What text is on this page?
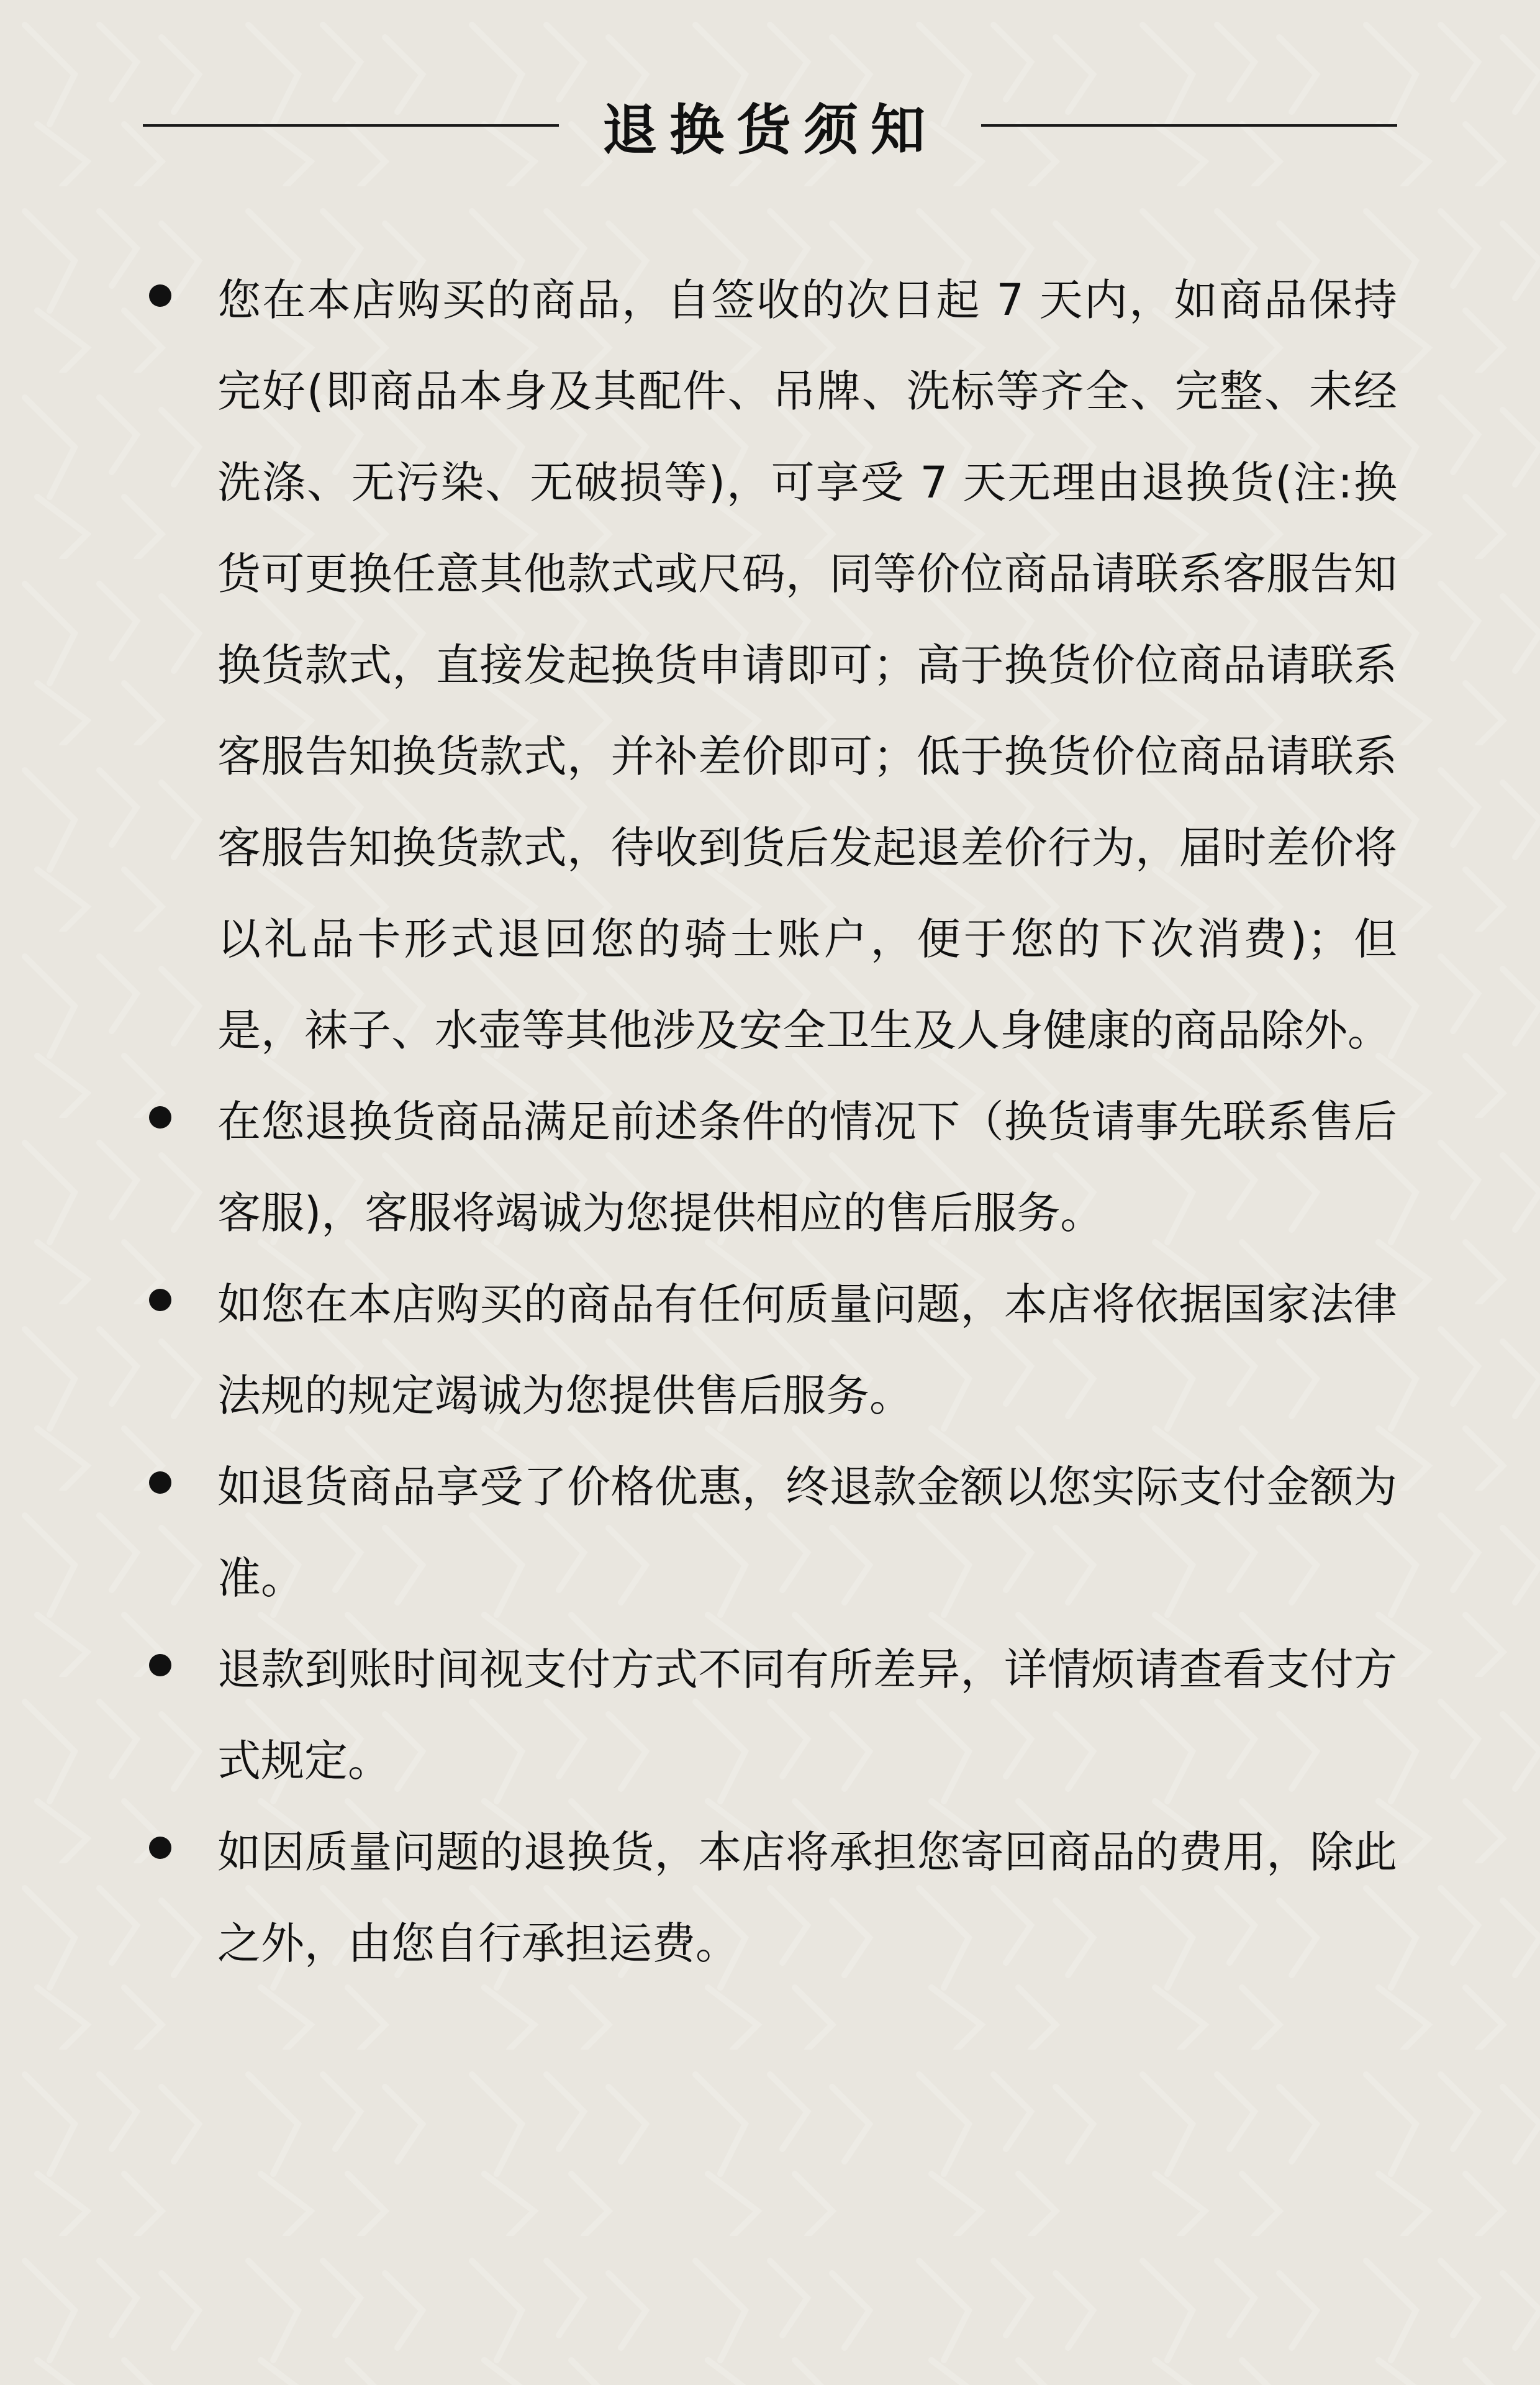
退换货须知
您在本店购买的商品，自签收的次日起 7 天内，如商品保持完好(即商品本身及其配件、吊牌、洗标等齐全、完整、未经洗涤、无污染、无破损等)，可享受 7 天无理由退换货(注:换货可更换任意其他款式或尺码，同等价位商品请联系客服告知换货款式，直接发起换货申请即可；高于换货价位商品请联系客服告知换货款式，并补差价即可；低于换货价位商品请联系客服告知换货款式，待收到货后发起退差价行为，届时差价将以礼品卡形式退回您的骑士账户，便于您的下次消费)；但是，袜子、水壶等其他涉及安全卫生及人身健康的商品除外。
在您退换货商品满足前述条件的情况下（换货请事先联系售后客服)，客服将竭诚为您提供相应的售后服务。
如您在本店购买的商品有任何质量问题，本店将依据国家法律法规的规定竭诚为您提供售后服务。
如退货商品享受了价格优惠，终退款金额以您实际支付金额为准。
退款到账时间视支付方式不同有所差异，详情烦请查看支付方式规定。
如因质量问题的退换货，本店将承担您寄回商品的费用，除此之外，由您自行承担运费。
